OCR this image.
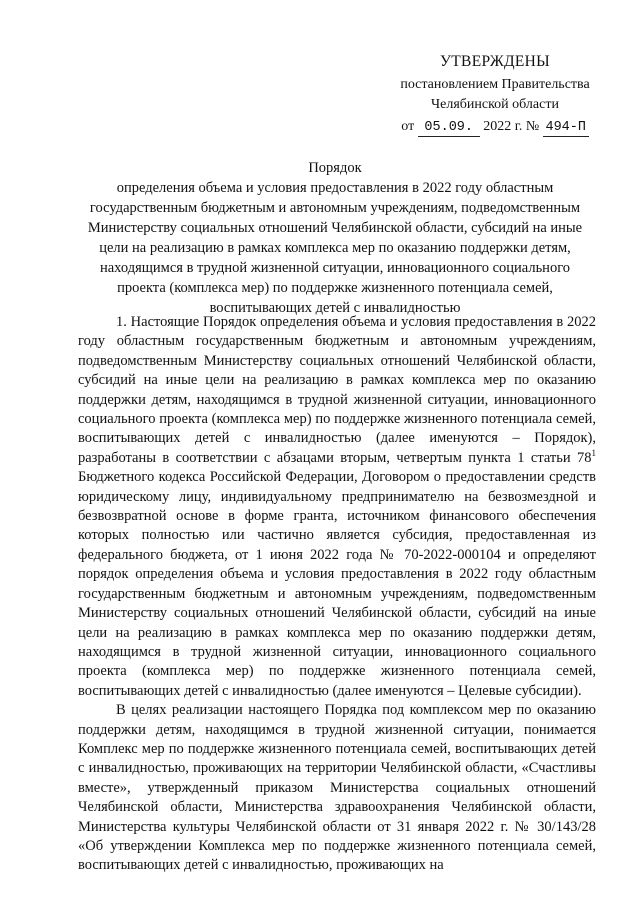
УТВЕРЖДЕНЫ
постановлением Правительства
Челябинской области
от 05.09. 2022 г. № 494-П
Порядок
определения объема и условия предоставления в 2022 году областным государственным бюджетным и автономным учреждениям, подведомственным Министерству социальных отношений Челябинской области, субсидий на иные цели на реализацию в рамках комплекса мер по оказанию поддержки детям, находящимся в трудной жизненной ситуации, инновационного социального проекта (комплекса мер) по поддержке жизненного потенциала семей, воспитывающих детей с инвалидностью

1. Настоящие Порядок определения объема и условия предоставления в 2022 году областным государственным бюджетным и автономным учреждениям, подведомственным Министерству социальных отношений Челябинской области, субсидий на иные цели на реализацию в рамках комплекса мер по оказанию поддержки детям, находящимся в трудной жизненной ситуации, инновационного социального проекта (комплекса мер) по поддержке жизненного потенциала семей, воспитывающих детей с инвалидностью (далее именуются – Порядок), разработаны в соответствии с абзацами вторым, четвертым пункта 1 статьи $78^1$ Бюджетного кодекса Российской Федерации, Договором о предоставлении средств юридическому лицу, индивидуальному предпринимателю на безвозмездной и безвозвратной основе в форме гранта, источником финансового обеспечения которых полностью или частично является субсидия, предоставленная из федерального бюджета, от 1 июня 2022 года № 70-2022-000104 и определяют порядок определения объема и условия предоставления в 2022 году областным государственным бюджетным и автономным учреждениям, подведомственным Министерству социальных отношений Челябинской области, субсидий на иные цели на реализацию в рамках комплекса мер по оказанию поддержки детям, находящимся в трудной жизненной ситуации, инновационного социального проекта (комплекса мер) по поддержке жизненного потенциала семей, воспитывающих детей с инвалидностью (далее именуются – Целевые субсидии).

В целях реализации настоящего Порядка под комплексом мер по оказанию поддержки детям, находящимся в трудной жизненной ситуации, понимается Комплекс мер по поддержке жизненного потенциала семей, воспитывающих детей с инвалидностью, проживающих на территории Челябинской области, «Счастливы вместе», утвержденный приказом Министерства социальных отношений Челябинской области, Министерства здравоохранения Челябинской области, Министерства культуры Челябинской области от 31 января 2022 г. № 30/143/28 «Об утверждении Комплекса мер по поддержке жизненного потенциала семей, воспитывающих детей с инвалидностью, проживающих на
